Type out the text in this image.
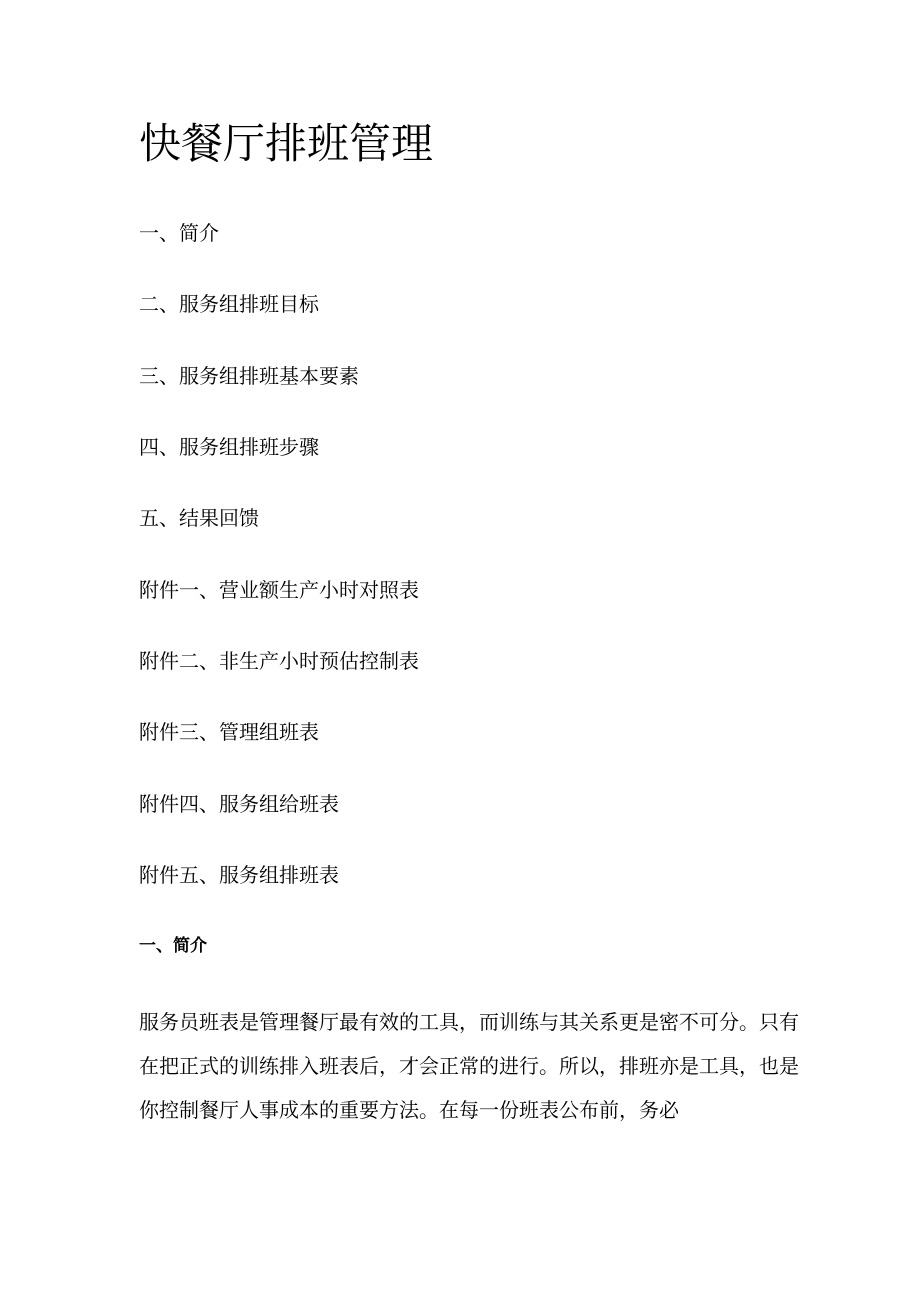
快餐厅排班管理

一、简介

二、服务组排班目标

三、服务组排班基本要素

四、服务组排班步骤

五、结果回馈

附件一、营业额生产小时对照表

附件二、非生产小时预估控制表

附件三、管理组班表

附件四、服务组给班表

附件五、服务组排班表

一、简介

服务员班表是管理餐厅最有效的工具，而训练与其关系更是密不可分。只有在把正式的训练排入班表后，才会正常的进行。所以，排班亦是工具，也是你控制餐厅人事成本的重要方法。在每一份班表公布前，务必
